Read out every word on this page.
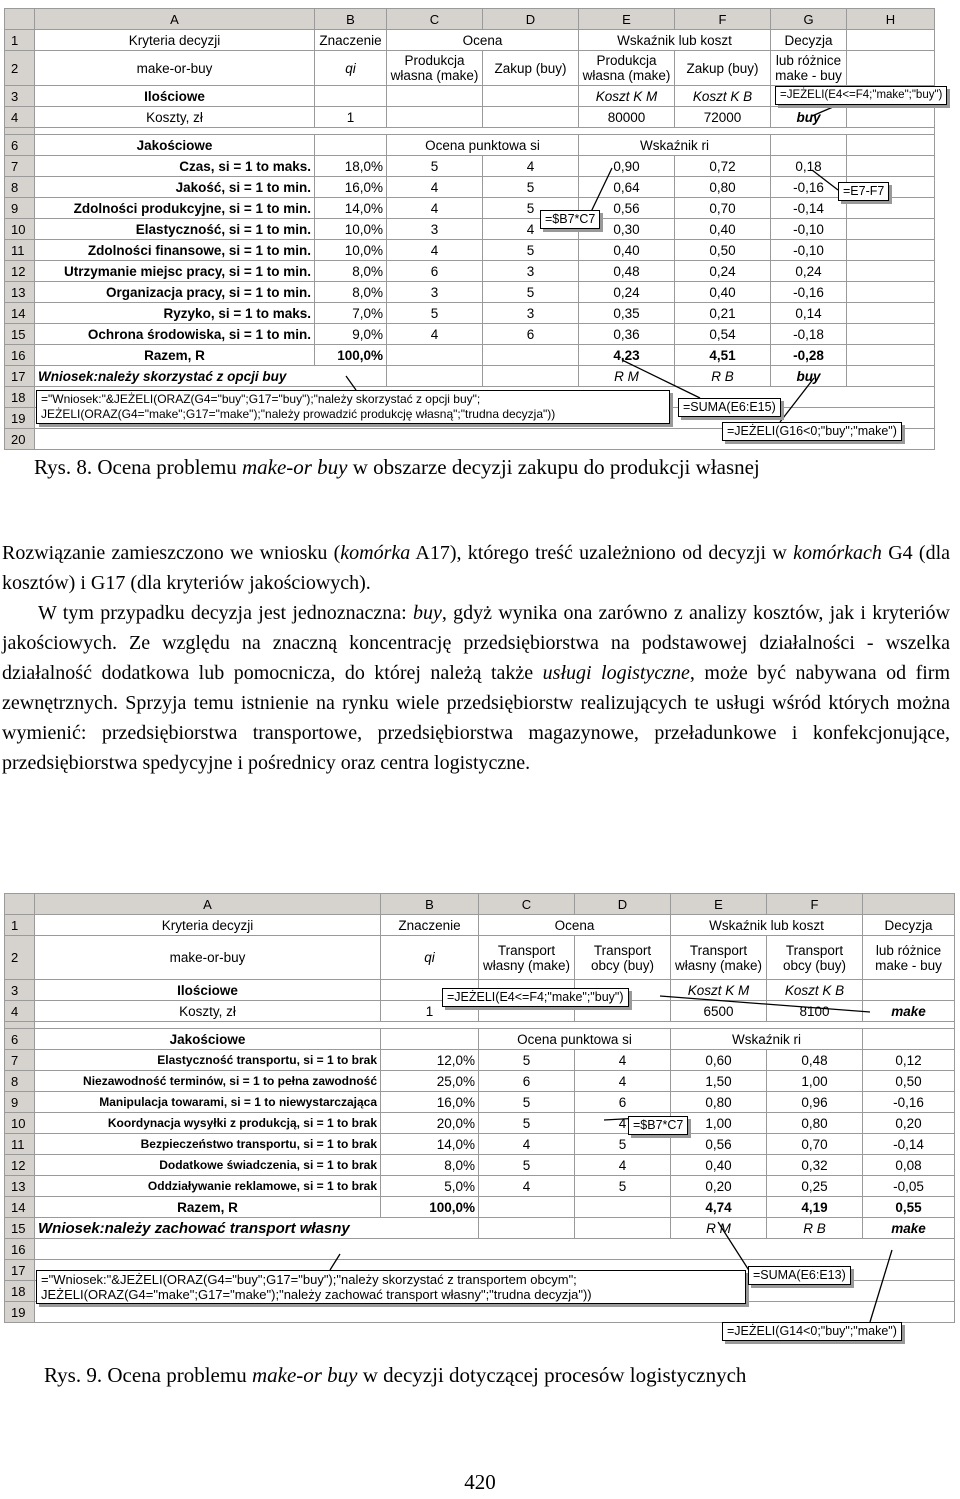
	A	B	C	D	E	F	G	H
1	Kryteria decyzji	Znaczenie	Ocena		Wskaźnik lub koszt		Decyzja	
2	make-or-buy	qi	Produkcja własna (make)	Zakup (buy)	Produkcja własna (make)	Zakup (buy)	lub różnice make - buy	
3	Ilościowe				Koszt K M	Koszt K B		
4	Koszty, zł	1			80000	72000	buy	

6	Jakościowe		Ocena punktowa si		Wskaźnik ri			
7	Czas, si = 1 to maks.	18,0%	5	4	0,90	0,72	0,18	
8	Jakość, si = 1 to min.	16,0%	4	5	0,64	0,80	-0,16	
9	Zdolności produkcyjne, si = 1 to min.	14,0%	4	5	0,56	0,70	-0,14	
10	Elastyczność, si = 1 to min.	10,0%	3	4	0,30	0,40	-0,10	
11	Zdolności finansowe, si = 1 to min.	10,0%	4	5	0,40	0,50	-0,10	
12	Utrzymanie miejsc pracy, si = 1 to min.	8,0%	6	3	0,48	0,24	0,24	
13	Organizacja pracy, si = 1 to min.	8,0%	3	5	0,24	0,40	-0,16	
14	Ryzyko, si = 1 to maks.	7,0%	5	3	0,35	0,21	0,14	
15	Ochrona środowiska, si = 1 to min.	9,0%	4	6	0,36	0,54	-0,18	
16	Razem, R	100,0%			4,23	4,51	-0,28	
17	Wniosek:należy skorzystać z opcji buy				R M	R B	buy	
18								
19								
20								
=JEŻELI(E4<=F4;"make";"buy")
=E7-F7
=$B7*C7
="Wniosek:"&JEŻELI(ORAZ(G4="buy";G17="buy");"należy skorzystać z opcji buy";
JEŻELI(ORAZ(G4="make";G17="make");"należy prowadzić produkcję własną";"trudna decyzja"))	=SUMA(E6:E15)
=JEŻELI(G16<0;"buy";"make")
Rys. 8. Ocena problemu make-or buy w obszarze decyzji zakupu do produkcji własnej

Rozwiązanie zamieszczono we wniosku (komórka A17), którego treść uzależniono od decyzji w komórkach G4 (dla kosztów) i G17 (dla kryteriów jakościowych).

W tym przypadku decyzja jest jednoznaczna: buy, gdyż wynika ona zarówno z analizy kosztów, jak i kryteriów jakościowych. Ze względu na znaczną koncentrację przedsiębiorstwa na podstawowej działalności - wszelka działalność dodatkowa lub pomocnicza, do której należą także usługi logistyczne, może być nabywana od firm zewnętrznych. Sprzyja temu istnienie na rynku wiele przedsiębiorstw realizujących te usługi wśród których można wymienić: przedsiębiorstwa transportowe, przedsiębiorstwa magazynowe, przeładunkowe i konfekcjonujące, przedsiębiorstwa spedycyjne i pośrednicy oraz centra logistyczne.

	A	B	C	D	E	F	
1	Kryteria decyzji	Znaczenie	Ocena		Wskaźnik lub koszt		Decyzja
2	make-or-buy	qi	Transport własny (make)	Transport obcy (buy)	Transport własny (make)	Transport obcy (buy)	lub różnice make - buy
3	Ilościowe				Koszt K M	Koszt K B	
4	Koszty, zł	1			6500	8100	make

6	Jakościowe		Ocena punktowa si		Wskaźnik ri		
7	Elastyczność transportu, si = 1 to brak	12,0%	5	4	0,60	0,48	0,12
8	Niezawodność terminów, si = 1 to pełna zawodność	25,0%	6	4	1,50	1,00	0,50
9	Manipulacja towarami, si = 1 to niewystarczająca	16,0%	5	6	0,80	0,96	-0,16
10	Koordynacja wysyłki z produkcją, si = 1 to brak	20,0%	5	4	1,00	0,80	0,20
11	Bezpieczeństwo transportu, si = 1 to brak	14,0%	4	5	0,56	0,70	-0,14
12	Dodatkowe świadczenia, si = 1 to brak	8,0%	5	4	0,40	0,32	0,08
13	Oddziaływanie reklamowe, si = 1 to brak	5,0%	4	5	0,20	0,25	-0,05
14	Razem, R	100,0%			4,74	4,19	0,55
15	Wniosek:należy zachować transport własny				R M	R B	make
16							
17							
18							
19							
=JEŻELI(E4<=F4;"make";"buy")
=$B7*C7
="Wniosek:"&JEŻELI(ORAZ(G4="buy";G17="buy");"należy skorzystać z transportem obcym";
JEŻELI(ORAZ(G4="make";G17="make");"należy zachować transport własny";"trudna decyzja"))
=SUMA(E6:E13)
=JEŻELI(G14<0;"buy";"make")
Rys. 9. Ocena problemu make-or buy w decyzji dotyczącej procesów logistycznych
420
